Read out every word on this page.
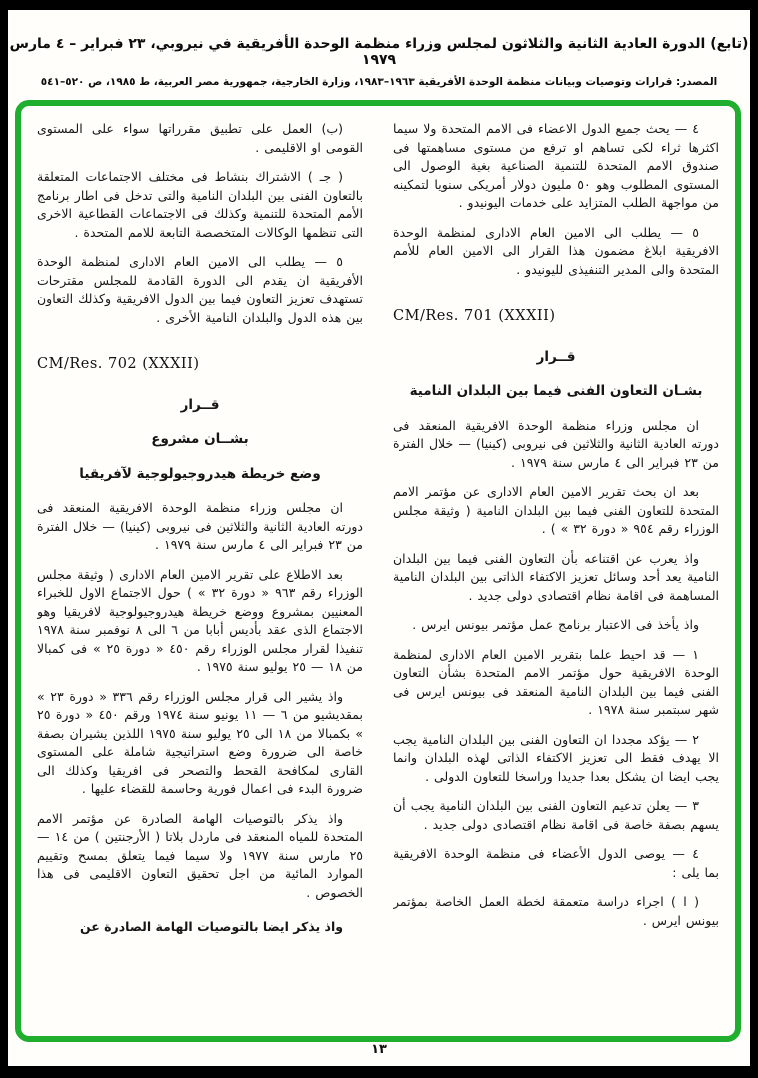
(تابع) الدورة العادية الثانية والثلاثون لمجلس وزراء منظمة الوحدة الأفريقية في نيروبي، ٢٣ فبراير – ٤ مارس ١٩٧٩
المصدر: قرارات وتوصيات وبيانات منظمة الوحدة الأفريقية ١٩٦٣–١٩٨٣، وزارة الخارجية، جمهورية مصر العربية، ط ١٩٨٥، ص ٥٢٠–٥٤١
٤ — يحث جميع الدول الاعضاء فى الامم المتحدة ولا سيما اكثرها ثراء لكى تساهم او ترفع من مستوى مساهمتها فى صندوق الامم المتحدة للتنمية الصناعية بغية الوصول الى المستوى المطلوب وهو ٥٠ مليون دولار أمريكى سنويا لتمكينه من مواجهة الطلب المتزايد على خدمات اليونيدو .
٥ — يطلب الى الامين العام الادارى لمنظمة الوحدة الافريقية ابلاغ مضمون هذا القرار الى الامين العام للأمم المتحدة والى المدير التنفيذى لليونيدو .
CM/Res. 701 (XXXII)
قــرار
بشـان التعاون الفنى فيما بين البلدان النامية
ان مجلس وزراء منظمة الوحدة الافريقية المنعقد فى دورته العادية الثانية والثلاثين فى نيروبى (كينيا) — خلال الفترة من ٢٣ فبراير الى ٤ مارس سنة ١٩٧٩ .
بعد ان بحث تقرير الامين العام الادارى عن مؤتمر الامم المتحدة للتعاون الفنى فيما بين البلدان النامية ( وثيقة مجلس الوزراء رقم ٩٥٤ « دورة ٣٢ » ) .
واذ يعرب عن اقتناعه بأن التعاون الفنى فيما بين البلدان النامية يعد أحد وسائل تعزيز الاكتفاء الذاتى بين البلدان النامية المساهمة فى اقامة نظام اقتصادى دولى جديد .
واذ يأخذ فى الاعتبار برنامج عمل مؤتمر بيونس ايرس .
١ — قد احيط علما بتقرير الامين العام الادارى لمنظمة الوحدة الافريقية حول مؤتمر الامم المتحدة بشأن التعاون الفنى فيما بين البلدان النامية المنعقد فى بيونس ايرس فى شهر سبتمبر سنة ١٩٧٨ .
٢ — يؤكد مجددا ان التعاون الفنى بين البلدان النامية يجب الا يهدف فقط الى تعزيز الاكتفاء الذاتى لهذه البلدان وانما يجب ايضا ان يشكل بعدا جديدا وراسخا للتعاون الدولى .
٣ — يعلن تدعيم التعاون الفنى بين البلدان النامية يجب أن يسهم بصفة خاصة فى اقامة نظام اقتصادى دولى جديد .
٤ — يوصى الدول الأعضاء فى منظمة الوحدة الافريقية بما يلى :
( ا ) اجراء دراسة متعمقة لخطة العمل الخاصة بمؤتمر بيونس ايرس .
(ب) العمل على تطبيق مقرراتها سواء على المستوى القومى او الاقليمى .
( جـ ) الاشتراك بنشاط فى مختلف الاجتماعات المتعلقة بالتعاون الفنى بين البلدان النامية والتى تدخل فى اطار برنامج الأمم المتحدة للتنمية وكذلك فى الاجتماعات القطاعية الاخرى التى تنظمها الوكالات المتخصصة التابعة للامم المتحدة .
٥ — يطلب الى الامين العام الادارى لمنظمة الوحدة الأفريقية ان يقدم الى الدورة القادمة للمجلس مقترحات تستهدف تعزيز التعاون فيما بين الدول الافريقية وكذلك التعاون بين هذه الدول والبلدان النامية الأخرى .
CM/Res. 702 (XXXII)
قــرار
بشــان مشروع
وضع خريطة هيدروجيولوجية لآفريقيا
ان مجلس وزراء منظمة الوحدة الافريقية المنعقد فى دورته العادية الثانية والثلاثين فى نيروبى (كينيا) — خلال الفترة من ٢٣ فبراير الى ٤ مارس سنة ١٩٧٩ .
بعد الاطلاع على تقرير الامين العام الادارى ( وثيقة مجلس الوزراء رقم ٩٦٣ « دورة ٣٢ » ) حول الاجتماع الاول للخبراء المعنيين بمشروع ووضع خريطة هيدروجيولوجية لافريقيا وهو الاجتماع الذى عقد بأديس أبابا من ٦ الى ٨ نوفمبر سنة ١٩٧٨ تنفيذا لقرار مجلس الوزراء رقم ٤٥٠ « دورة ٢٥ » فى كمبالا من ١٨ — ٢٥ يوليو سنة ١٩٧٥ .
واذ يشير الى قرار مجلس الوزراء رقم ٣٣٦ « دورة ٢٣ » بمقديشيو من ٦ — ١١ يونيو سنة ١٩٧٤ ورقم ٤٥٠ « دورة ٢٥ » بكمبالا من ١٨ الى ٢٥ يوليو سنة ١٩٧٥ اللذين يشيران بصفة خاصة الى ضرورة وضع استراتيجية شاملة على المستوى القارى لمكافحة القحط والتصحر فى افريقيا وكذلك الى ضرورة البدء فى اعمال فورية وحاسمة للقضاء عليها .
واذ يذكر بالتوصيات الهامة الصادرة عن مؤتمر الامم المتحدة للمياه المنعقد فى ماردل بلاتا ( الأرجنتين ) من ١٤ — ٢٥ مارس سنة ١٩٧٧ ولا سيما فيما يتعلق بمسح وتقييم الموارد المائية من اجل تحقيق التعاون الاقليمى فى هذا الخصوص .
واذ يذكر ايضا بالتوصيات الهامة الصادرة عن
١٣
